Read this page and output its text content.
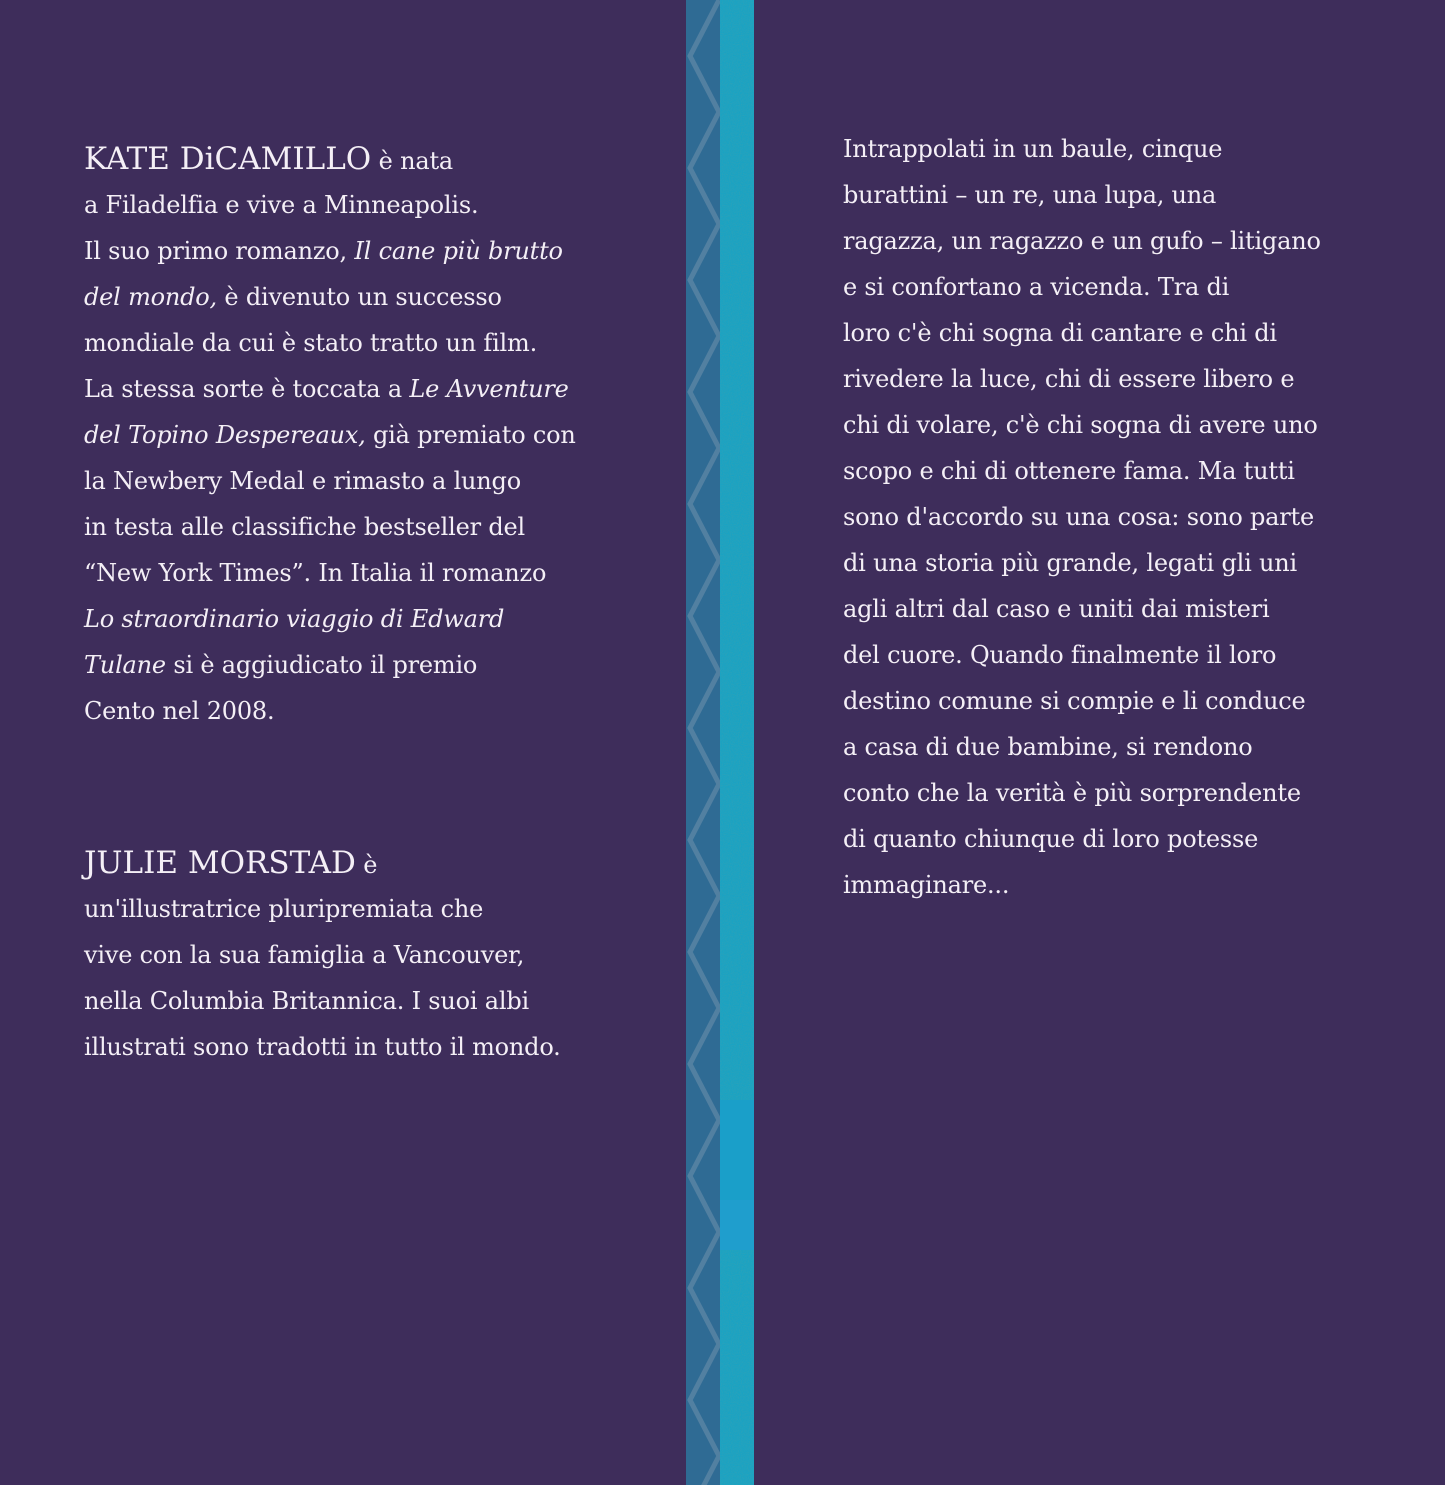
KATE DiCAMILLO è nata
a Filadelfia e vive a Minneapolis.
Il suo primo romanzo, Il cane più brutto
del mondo, è divenuto un successo
mondiale da cui è stato tratto un film.
La stessa sorte è toccata a Le Avventure
del Topino Despereaux, già premiato con
la Newbery Medal e rimasto a lungo
in testa alle classifiche bestseller del
“New York Times”. In Italia il romanzo
Lo straordinario viaggio di Edward
Tulane si è aggiudicato il premio
Cento nel 2008.
JULIE MORSTAD è
un'illustratrice pluripremiata che
vive con la sua famiglia a Vancouver,
nella Columbia Britannica. I suoi albi
illustrati sono tradotti in tutto il mondo.
Intrappolati in un baule, cinque
burattini – un re, una lupa, una
ragazza, un ragazzo e un gufo – litigano
e si confortano a vicenda. Tra di
loro c'è chi sogna di cantare e chi di
rivedere la luce, chi di essere libero e
chi di volare, c'è chi sogna di avere uno
scopo e chi di ottenere fama. Ma tutti
sono d'accordo su una cosa: sono parte
di una storia più grande, legati gli uni
agli altri dal caso e uniti dai misteri
del cuore. Quando finalmente il loro
destino comune si compie e li conduce
a casa di due bambine, si rendono
conto che la verità è più sorprendente
di quanto chiunque di loro potesse
immaginare...
